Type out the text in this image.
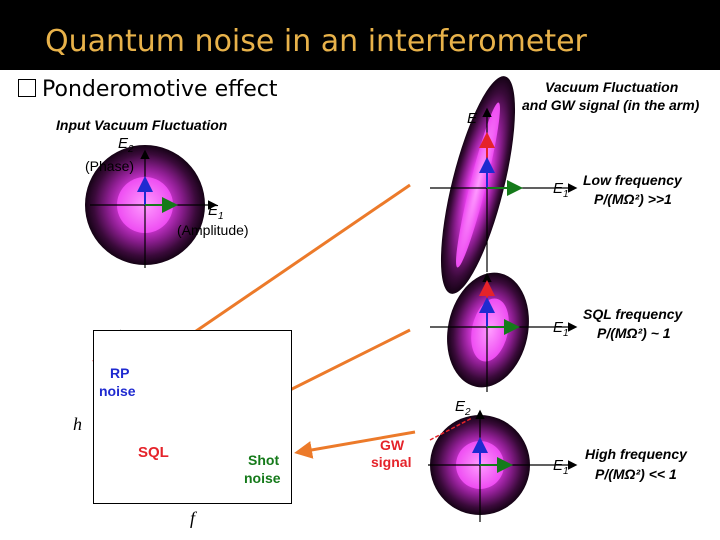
Quantum noise in an interferometer
Ponderomotive effect
Input Vacuum Fluctuation
$E_2$
(Phase)
$E_1$
(Amplitude)
Vacuum Fluctuation
and GW signal (in the arm)
E
$E_1$
Low frequency
P/(MΩ²) >>1
$E_1$
SQL frequency
P/(MΩ²) ~ 1
$E_2$
$E_1$
High frequency
P/(MΩ²) << 1
GW
signal
RP
noise
SQL	Shot
noise
h
f
